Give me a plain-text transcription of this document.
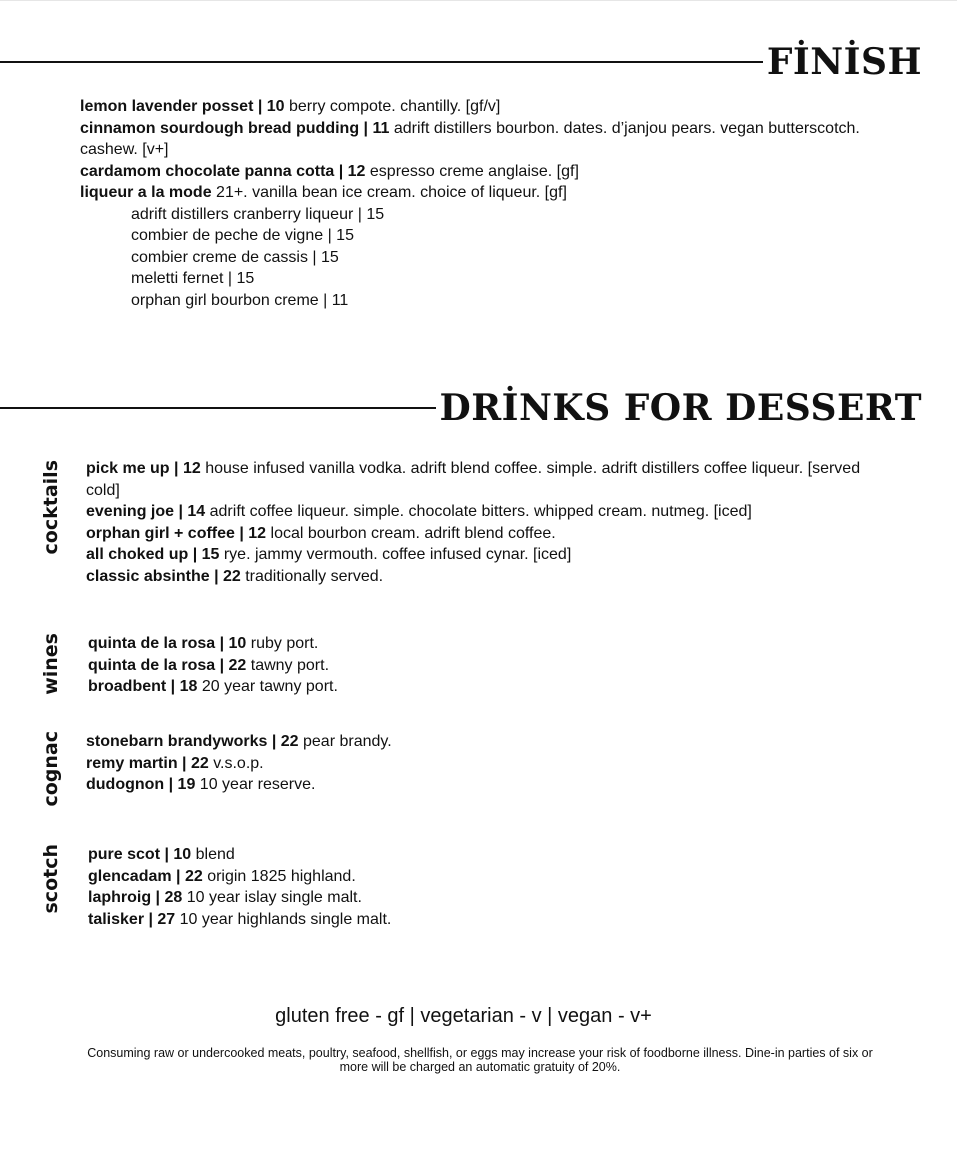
FİNİSH
lemon lavender posset | 10 berry compote. chantilly. [gf/v]
cinnamon sourdough bread pudding | 11 adrift distillers bourbon. dates. d’janjou pears. vegan butterscotch. cashew. [v+]
cardamom chocolate panna cotta | 12 espresso creme anglaise. [gf]
liqueur a la mode 21+. vanilla bean ice cream. choice of liqueur. [gf]
adrift distillers cranberry liqueur | 15
combier de peche de vigne | 15
combier creme de cassis | 15
meletti fernet | 15
orphan girl bourbon creme | 11
DRİNKS FOR DESSERT
cocktails pick me up | 12 house infused vanilla vodka. adrift blend coffee. simple. adrift distillers coffee liqueur. [served cold]
evening joe | 14 adrift coffee liqueur. simple. chocolate bitters. whipped cream. nutmeg. [iced]
orphan girl + coffee | 12 local bourbon cream. adrift blend coffee.
all choked up | 15 rye. jammy vermouth. coffee infused cynar. [iced]
classic absinthe | 22 traditionally served.
wines quinta de la rosa | 10 ruby port.
quinta de la rosa | 22 tawny port.
broadbent | 18 20 year tawny port.
cognac stonebarn brandyworks | 22 pear brandy.
remy martin | 22 v.s.o.p.
dudognon | 19 10 year reserve.
scotch pure scot | 10 blend
glencadam | 22 origin 1825 highland.
laphroig | 28 10 year islay single malt.
talisker | 27 10 year highlands single malt.
gluten free - gf | vegetarian - v | vegan - v+
Consuming raw or undercooked meats, poultry, seafood, shellfish, or eggs may increase your risk of foodborne illness. Dine-in parties of six or more will be charged an automatic gratuity of 20%.
